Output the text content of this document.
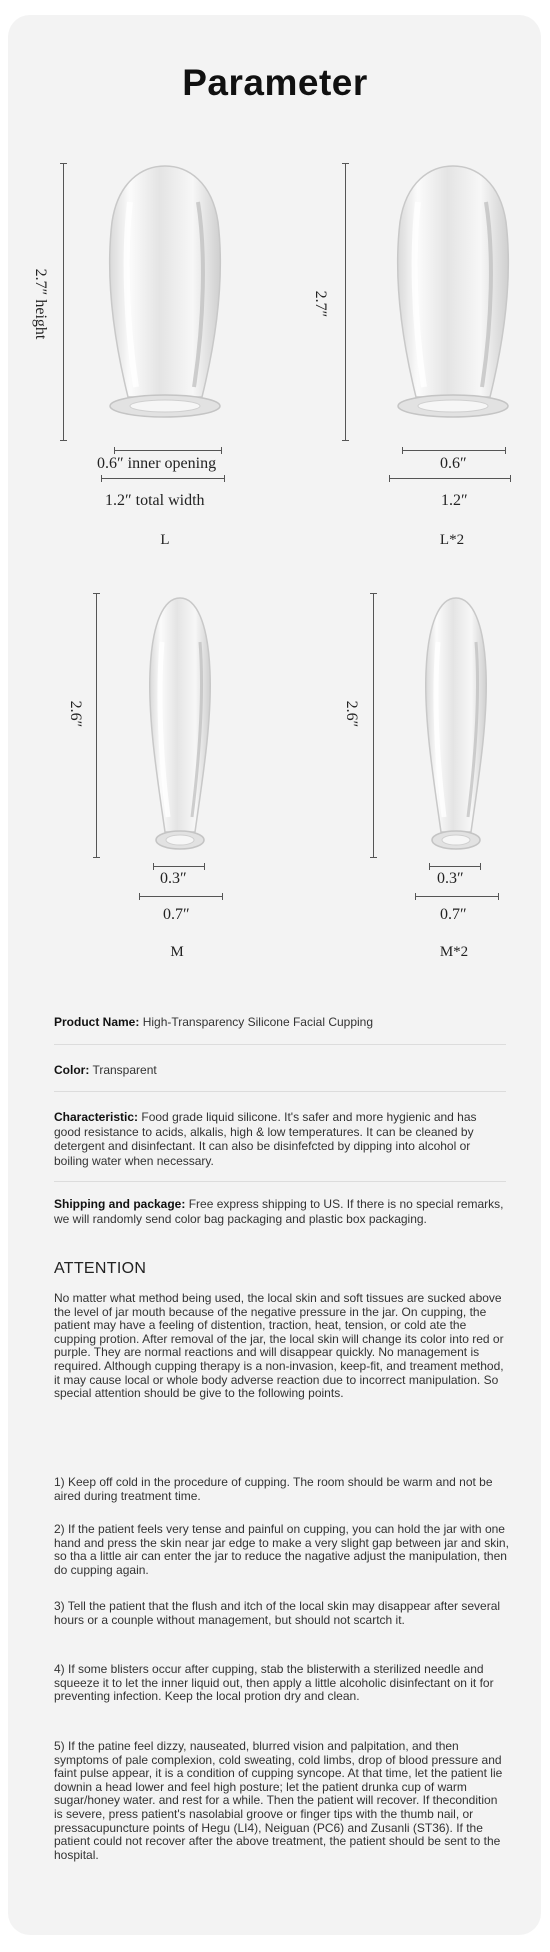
Parameter
2.7″ height
0.6″ inner opening
1.2″ total width
L
2.7″
0.6″
1.2″
L*2
2.6″
0.3″
0.7″
M
2.6″
0.3″
0.7″
M*2
Product Name: High-Transparency Silicone Facial Cupping
Color: Transparent
Characteristic: Food grade liquid silicone. It's safer and more hygienic and has good resistance to acids, alkalis, high & low temperatures. It can be cleaned by detergent and disinfectant. It can also be disinfefcted by dipping into alcohol or boiling water when necessary.
Shipping and package: Free express shipping to US. If there is no special remarks, we will randomly send color bag packaging and plastic box packaging.
ATTENTION
No matter what method being used, the local skin and soft tissues are sucked above the level of jar mouth because of the negative pressure in the jar. On cupping, the patient may have a feeling of distention, traction, heat, tension, or cold ate the cupping protion. After removal of the jar, the local skin will change its color into red or purple. They are normal reactions and will disappear quickly. No management is required. Although cupping therapy is a non-invasion, keep-fit, and treament method, it may cause local or whole body adverse reaction due to incorrect manipulation. So special attention should be give to the following points.
1) Keep off cold in the procedure of cupping. The room should be warm and not be aired during treatment time.
2) If the patient feels very tense and painful on cupping, you can hold the jar with one hand and press the skin near jar edge to make a very slight gap between jar and skin, so tha a little air can enter the jar to reduce the nagative adjust the manipulation, then do cupping again.
3) Tell the patient that the flush and itch of the local skin may disappear after several hours or a counple without management, but should not scartch it.
4) If some blisters occur after cupping, stab the blisterwith a sterilized needle and squeeze it to let the inner liquid out, then apply a little alcoholic disinfectant on it for preventing infection. Keep the local protion dry and clean.
5) If the patine feel dizzy, nauseated, blurred vision and palpitation, and then symptoms of pale complexion, cold sweating, cold limbs, drop of blood pressure and faint pulse appear, it is a condition of cupping syncope. At that time, let the patient lie downin a head lower and feel high posture; let the patient drunka cup of warm sugar/honey water. and rest for a while. Then the patient will recover. If thecondition is severe, press patient's nasolabial groove or finger tips with the thumb nail, or pressacupuncture points of Hegu (LI4), Neiguan (PC6) and Zusanli (ST36). If the patient could not recover after the above treatment, the patient should be sent to the hospital.
